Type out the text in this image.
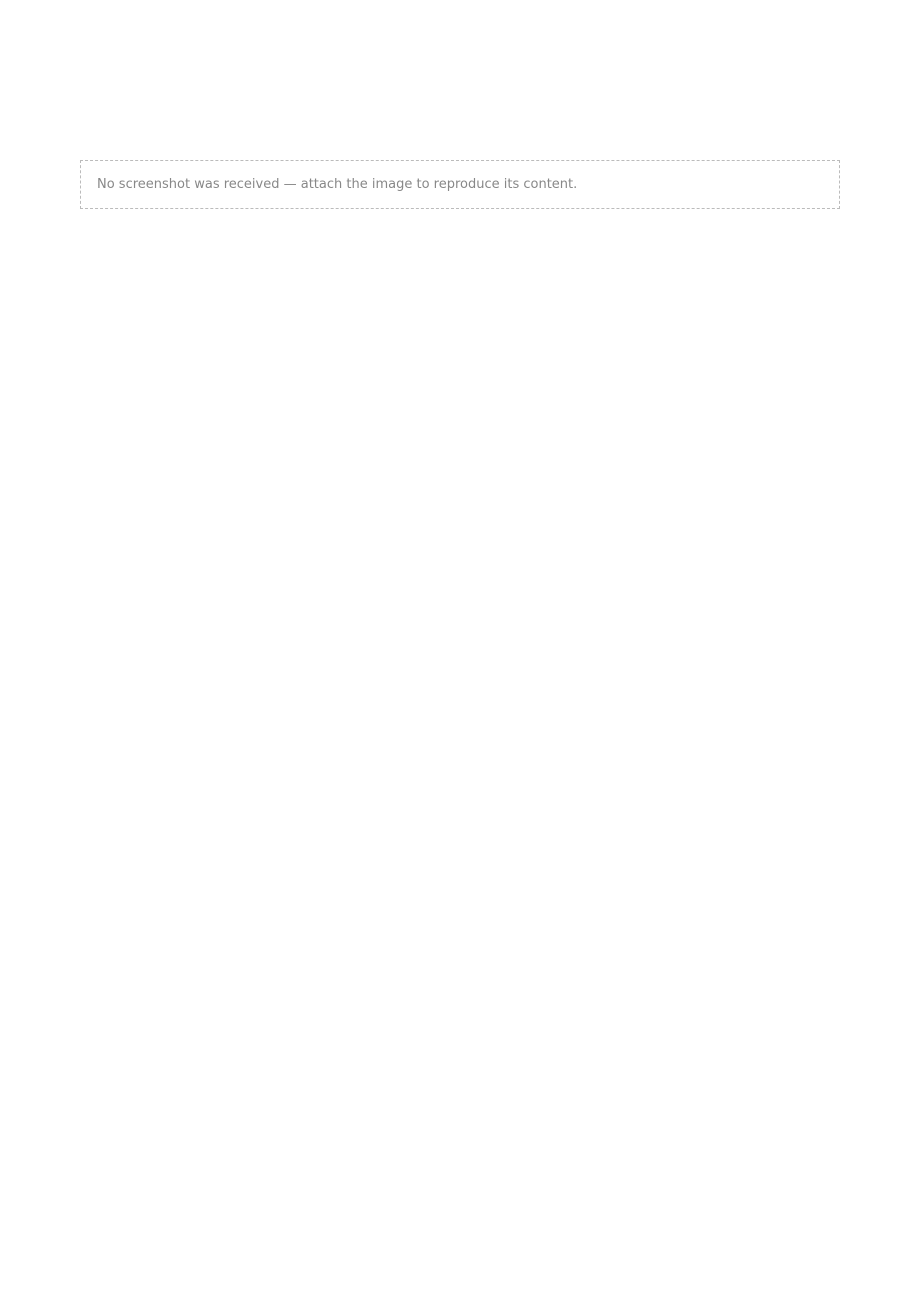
No screenshot was received — attach the image to reproduce its content.
